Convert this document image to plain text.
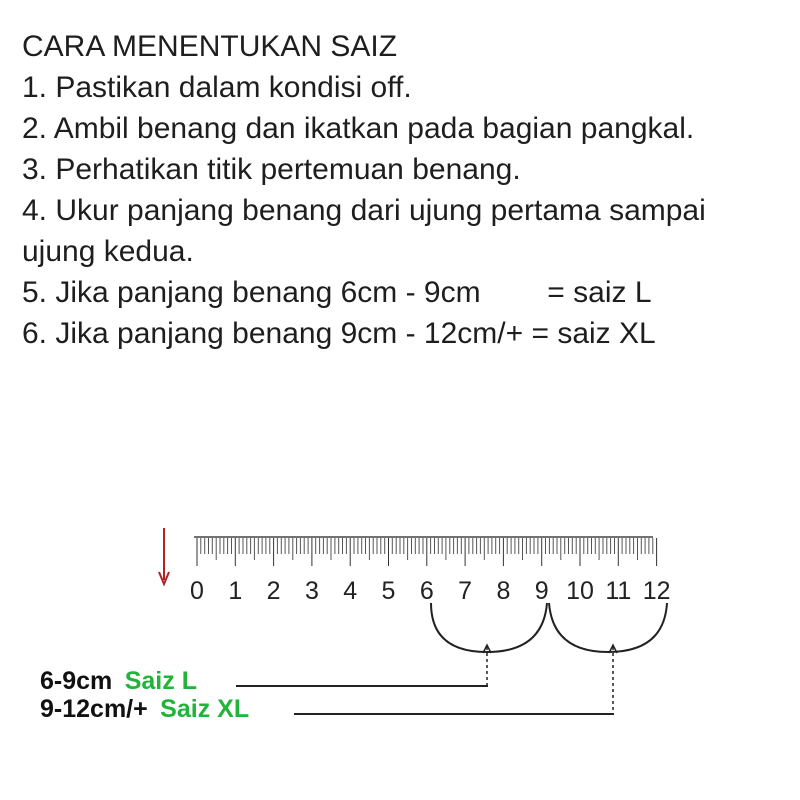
CARA MENENTUKAN SAIZ
1. Pastikan dalam kondisi off.
2. Ambil benang dan ikatkan pada bagian pangkal.
3. Perhatikan titik pertemuan benang.
4. Ukur panjang benang dari ujung pertama sampai ujung kedua.
5. Jika panjang benang 6cm - 9cm        = saiz L
6. Jika panjang benang 9cm - 12cm/+ = saiz XL
0 1 2 3 4 5 6 7 8 9 10 11 12
6-9cm Saiz L
9-12cm/+ Saiz XL
